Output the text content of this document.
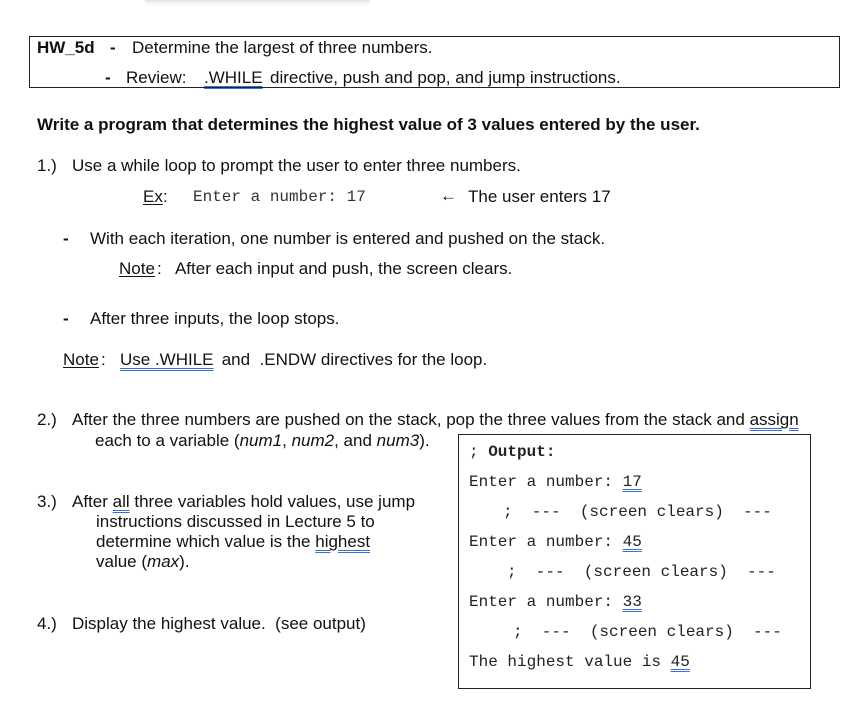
HW_5d - Determine the largest of three numbers.
- Review:	.WHILE directive, push and pop, and jump instructions.
Write a program that determines the highest value of 3 values entered by the user.
1.) Use a while loop to prompt the user to enter three numbers.
Ex : Enter a number: 17	← The user enters 17
- With each iteration, one number is entered and pushed on the stack.
Note :   After each input and push, the screen clears.
- After three inputs, the loop stops.
Note : Use .WHILE and  .ENDW directives for the loop.
2.) After the three numbers are pushed on the stack, pop the three values from the stack and assign
each to a variable (num1, num2, and num3).
3.) After all three variables hold values, use jump
instructions discussed in Lecture 5 to
determine which value is the highest
value (max).
4.) Display the highest value.  (see output)
; Output:
Enter a number: 17
;  ---  (screen clears)  ---
Enter a number: 45
;  ---  (screen clears)  ---
Enter a number: 33
;  ---  (screen clears)  ---
The highest value is 45
